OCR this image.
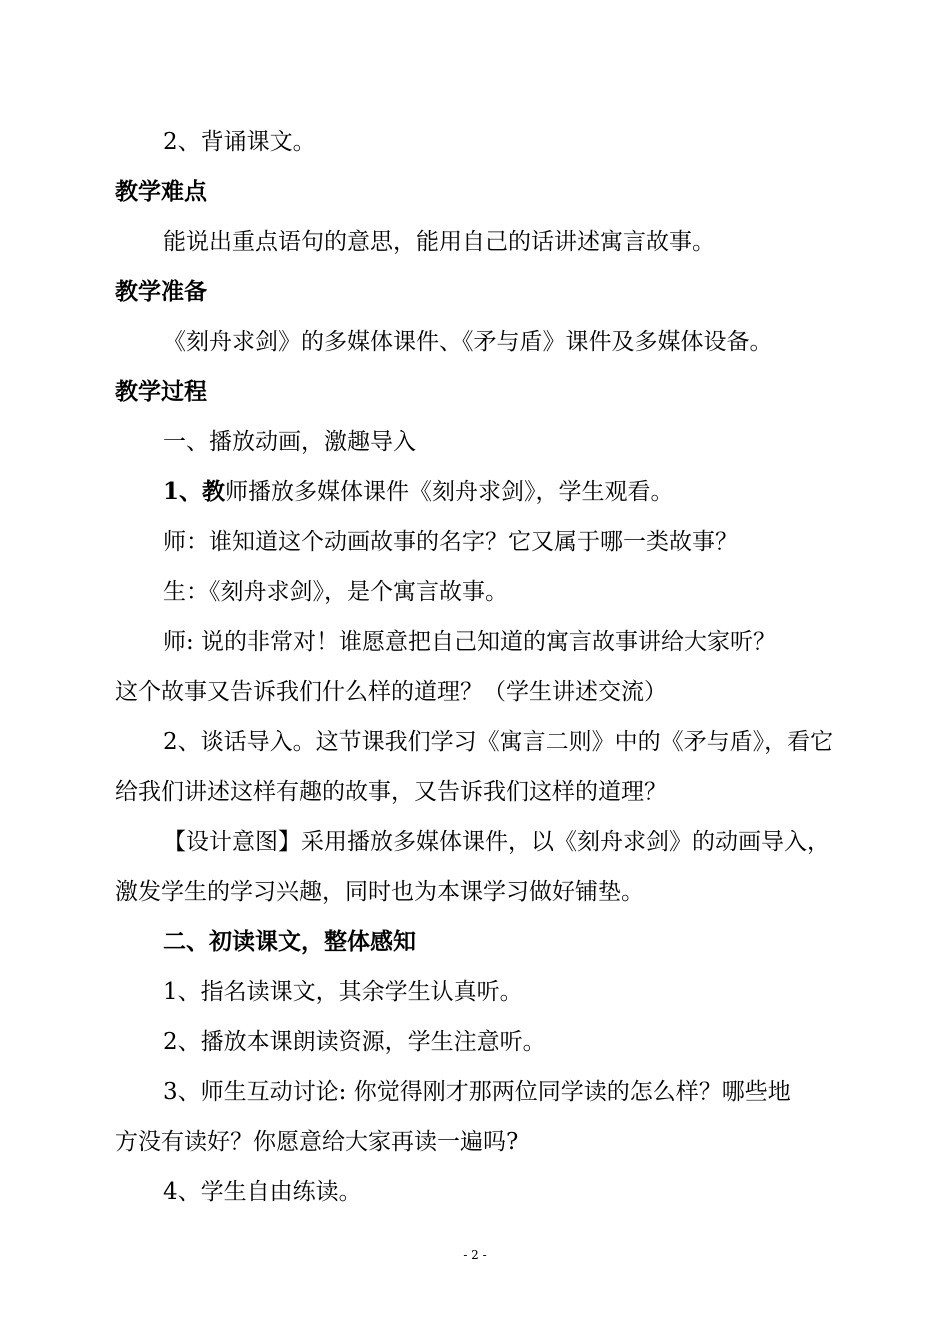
2、背诵课文。
教学难点
能说出重点语句的意思，能用自己的话讲述寓言故事。
教学准备
《刻舟求剑》的多媒体课件、《矛与盾》课件及多媒体设备。
教学过程
一、播放动画，激趣导入
1、教师播放多媒体课件《刻舟求剑》，学生观看。
师：谁知道这个动画故事的名字？它又属于哪一类故事？
生：《刻舟求剑》，是个寓言故事。
师: 说的非常对！谁愿意把自己知道的寓言故事讲给大家听？
这个故事又告诉我们什么样的道理？（学生讲述交流）
2、谈话导入。这节课我们学习《寓言二则》中的《矛与盾》，看它
给我们讲述这样有趣的故事，又告诉我们这样的道理？
【设计意图】采用播放多媒体课件，以《刻舟求剑》的动画导入，
激发学生的学习兴趣，同时也为本课学习做好铺垫。
二、初读课文，整体感知
1、指名读课文，其余学生认真听。
2、播放本课朗读资源，学生注意听。
3、师生互动讨论: 你觉得刚才那两位同学读的怎么样？哪些地
方没有读好？你愿意给大家再读一遍吗?
4、学生自由练读。
- 2 -
